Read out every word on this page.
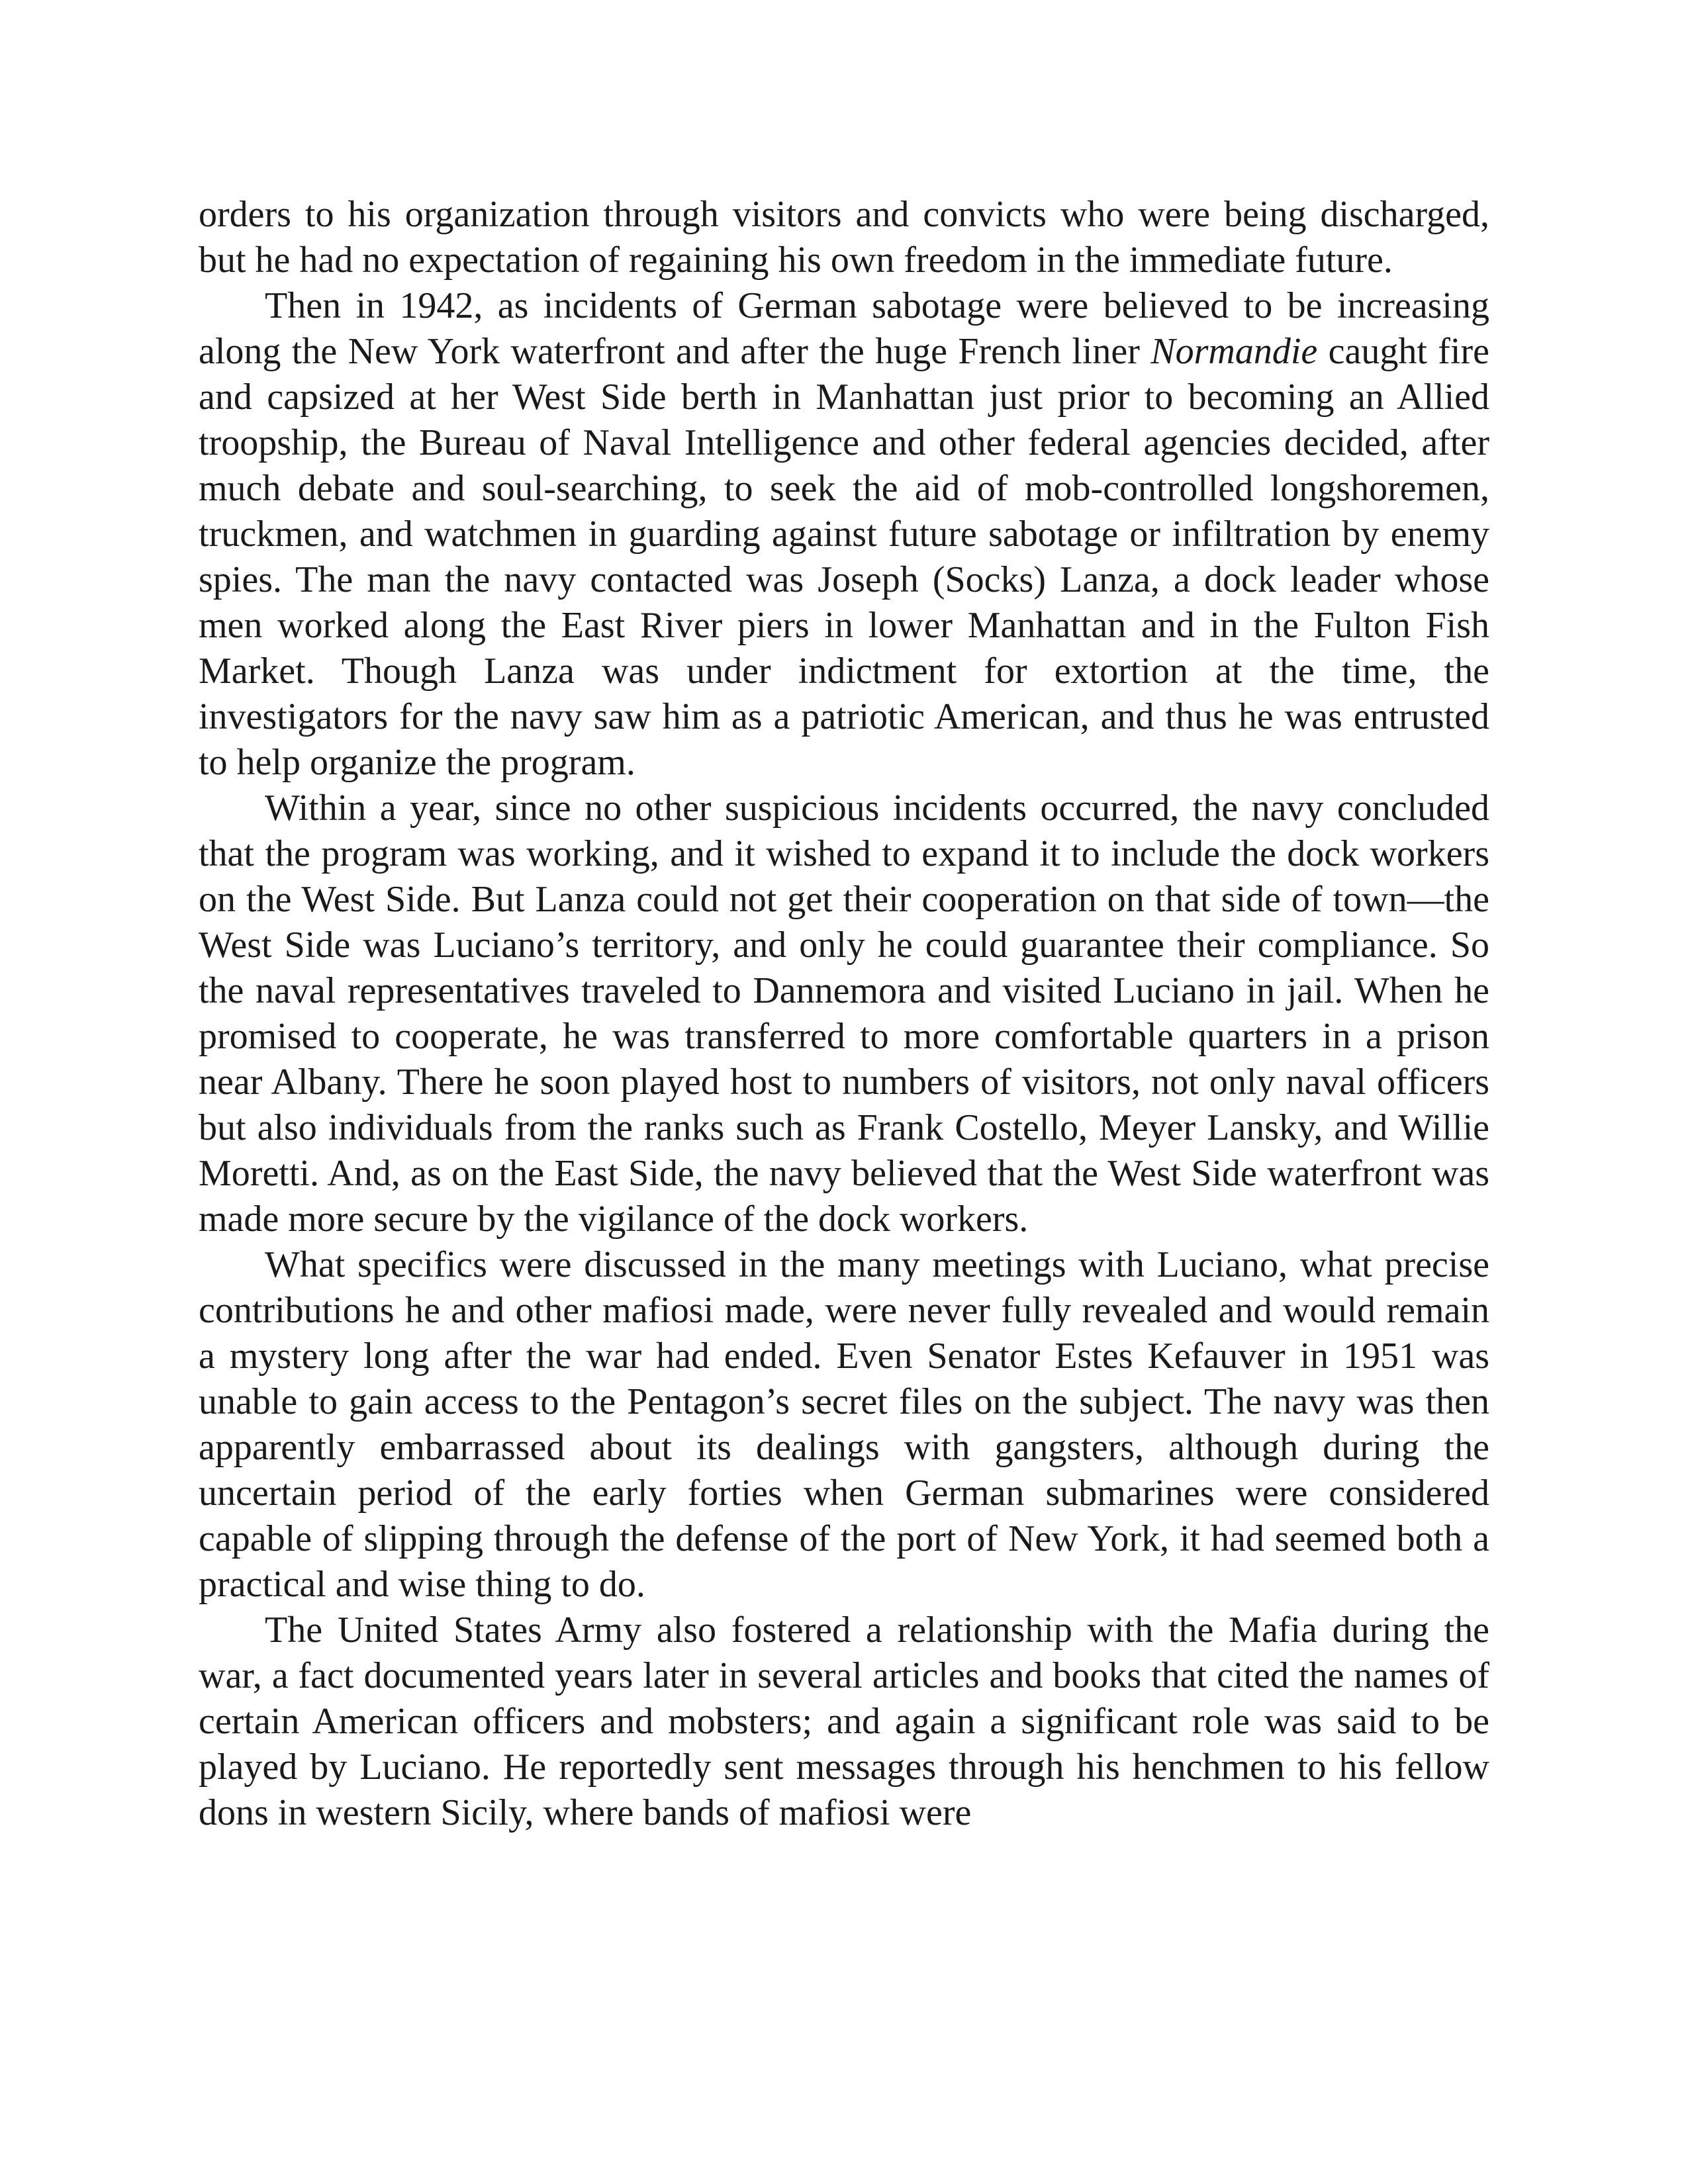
orders to his organization through visitors and convicts who were being discharged, but he had no expectation of regaining his own freedom in the immediate future.

Then in 1942, as incidents of German sabotage were believed to be increasing along the New York waterfront and after the huge French liner Normandie caught fire and capsized at her West Side berth in Manhattan just prior to becoming an Allied troopship, the Bureau of Naval Intelligence and other federal agencies decided, after much debate and soul-searching, to seek the aid of mob-controlled longshoremen, truckmen, and watchmen in guarding against future sabotage or infiltration by enemy spies. The man the navy contacted was Joseph (Socks) Lanza, a dock leader whose men worked along the East River piers in lower Manhattan and in the Fulton Fish Market. Though Lanza was under indictment for extortion at the time, the investigators for the navy saw him as a patriotic American, and thus he was entrusted to help organize the program.

Within a year, since no other suspicious incidents occurred, the navy concluded that the program was working, and it wished to expand it to include the dock workers on the West Side. But Lanza could not get their cooperation on that side of town—the West Side was Luciano’s territory, and only he could guarantee their compliance. So the naval representatives traveled to Dannemora and visited Luciano in jail. When he promised to cooperate, he was transferred to more comfortable quarters in a prison near Albany. There he soon played host to numbers of visitors, not only naval officers but also individuals from the ranks such as Frank Costello, Meyer Lansky, and Willie Moretti. And, as on the East Side, the navy believed that the West Side waterfront was made more secure by the vigilance of the dock workers.

What specifics were discussed in the many meetings with Luciano, what precise contributions he and other mafiosi made, were never fully revealed and would remain a mystery long after the war had ended. Even Senator Estes Kefauver in 1951 was unable to gain access to the Pentagon’s secret files on the subject. The navy was then apparently embarrassed about its dealings with gangsters, although during the uncertain period of the early forties when German submarines were considered capable of slipping through the defense of the port of New York, it had seemed both a practical and wise thing to do.

The United States Army also fostered a relationship with the Mafia during the war, a fact documented years later in several articles and books that cited the names of certain American officers and mobsters; and again a significant role was said to be played by Luciano. He reportedly sent messages through his henchmen to his fellow dons in western Sicily, where bands of mafiosi were
